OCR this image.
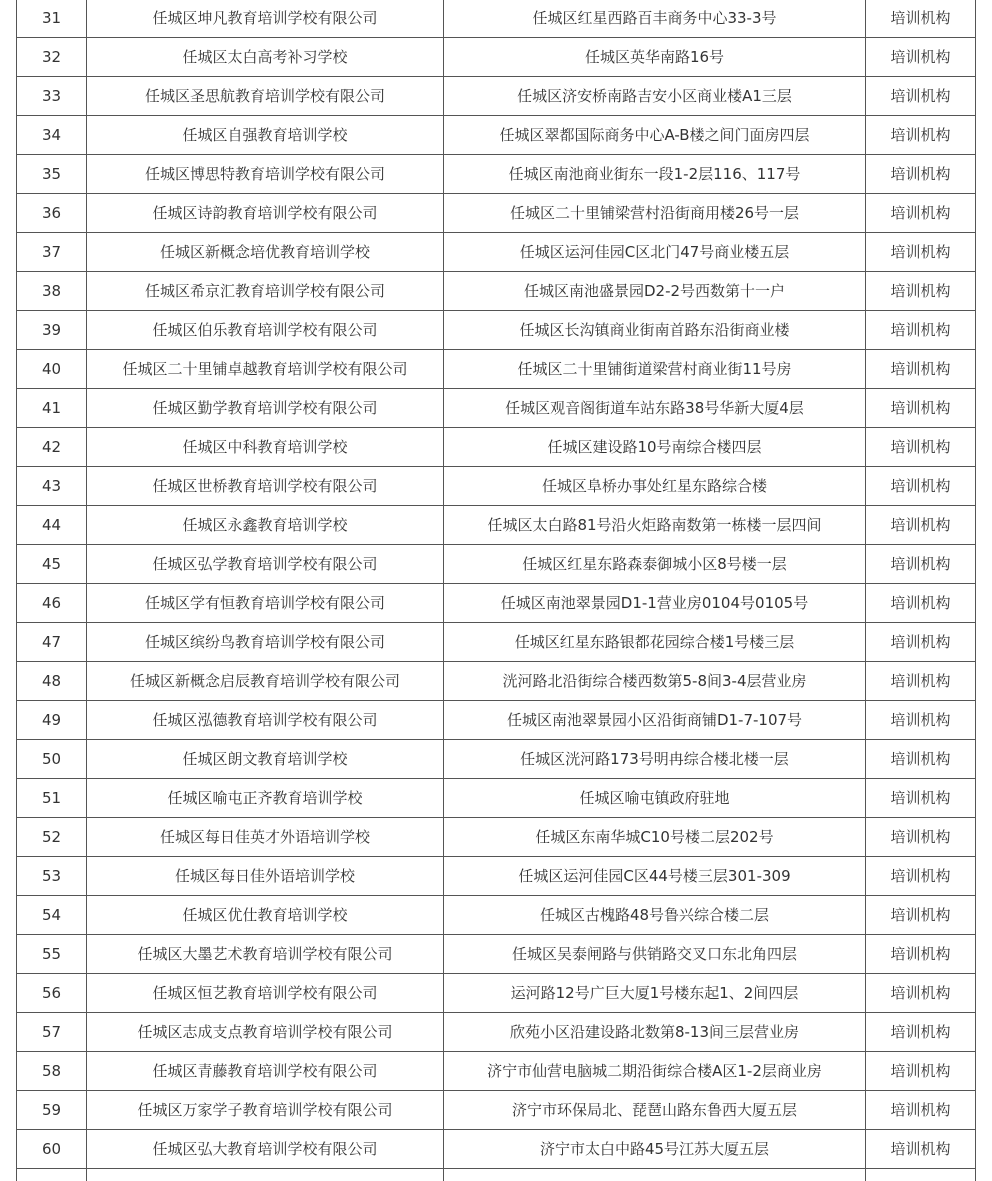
31	任城区坤凡教育培训学校有限公司	任城区红星西路百丰商务中心33-3号	培训机构
32	任城区太白高考补习学校	任城区英华南路16号	培训机构
33	任城区圣思航教育培训学校有限公司	任城区济安桥南路吉安小区商业楼A1三层	培训机构
34	任城区自强教育培训学校	任城区翠都国际商务中心A-B楼之间门面房四层	培训机构
35	任城区博思特教育培训学校有限公司	任城区南池商业街东一段1-2层116、117号	培训机构
36	任城区诗韵教育培训学校有限公司	任城区二十里铺梁营村沿街商用楼26号一层	培训机构
37	任城区新概念培优教育培训学校	任城区运河佳园C区北门47号商业楼五层	培训机构
38	任城区希京汇教育培训学校有限公司	任城区南池盛景园D2-2号西数第十一户	培训机构
39	任城区伯乐教育培训学校有限公司	任城区长沟镇商业街南首路东沿街商业楼	培训机构
40	任城区二十里铺卓越教育培训学校有限公司	任城区二十里铺街道梁营村商业街11号房	培训机构
41	任城区勤学教育培训学校有限公司	任城区观音阁街道车站东路38号华新大厦4层	培训机构
42	任城区中科教育培训学校	任城区建设路10号南综合楼四层	培训机构
43	任城区世桥教育培训学校有限公司	任城区阜桥办事处红星东路综合楼	培训机构
44	任城区永鑫教育培训学校	任城区太白路81号沿火炬路南数第一栋楼一层四间	培训机构
45	任城区弘学教育培训学校有限公司	任城区红星东路森泰御城小区8号楼一层	培训机构
46	任城区学有恒教育培训学校有限公司	任城区南池翠景园D1-1营业房0104号0105号	培训机构
47	任城区缤纷鸟教育培训学校有限公司	任城区红星东路银都花园综合楼1号楼三层	培训机构
48	任城区新概念启辰教育培训学校有限公司	洸河路北沿街综合楼西数第5-8间3-4层营业房	培训机构
49	任城区泓德教育培训学校有限公司	任城区南池翠景园小区沿街商铺D1-7-107号	培训机构
50	任城区朗文教育培训学校	任城区洸河路173号明冉综合楼北楼一层	培训机构
51	任城区喻屯正齐教育培训学校	任城区喻屯镇政府驻地	培训机构
52	任城区每日佳英才外语培训学校	任城区东南华城C10号楼二层202号	培训机构
53	任城区每日佳外语培训学校	任城区运河佳园C区44号楼三层301-309	培训机构
54	任城区优仕教育培训学校	任城区古槐路48号鲁兴综合楼二层	培训机构
55	任城区大墨艺术教育培训学校有限公司	任城区吴泰闸路与供销路交叉口东北角四层	培训机构
56	任城区恒艺教育培训学校有限公司	运河路12号广巨大厦1号楼东起1、2间四层	培训机构
57	任城区志成支点教育培训学校有限公司	欣苑小区沿建设路北数第8-13间三层营业房	培训机构
58	任城区青藤教育培训学校有限公司	济宁市仙营电脑城二期沿街综合楼A区1-2层商业房	培训机构
59	任城区万家学子教育培训学校有限公司	济宁市环保局北、琵琶山路东鲁西大厦五层	培训机构
60	任城区弘大教育培训学校有限公司	济宁市太白中路45号江苏大厦五层	培训机构
